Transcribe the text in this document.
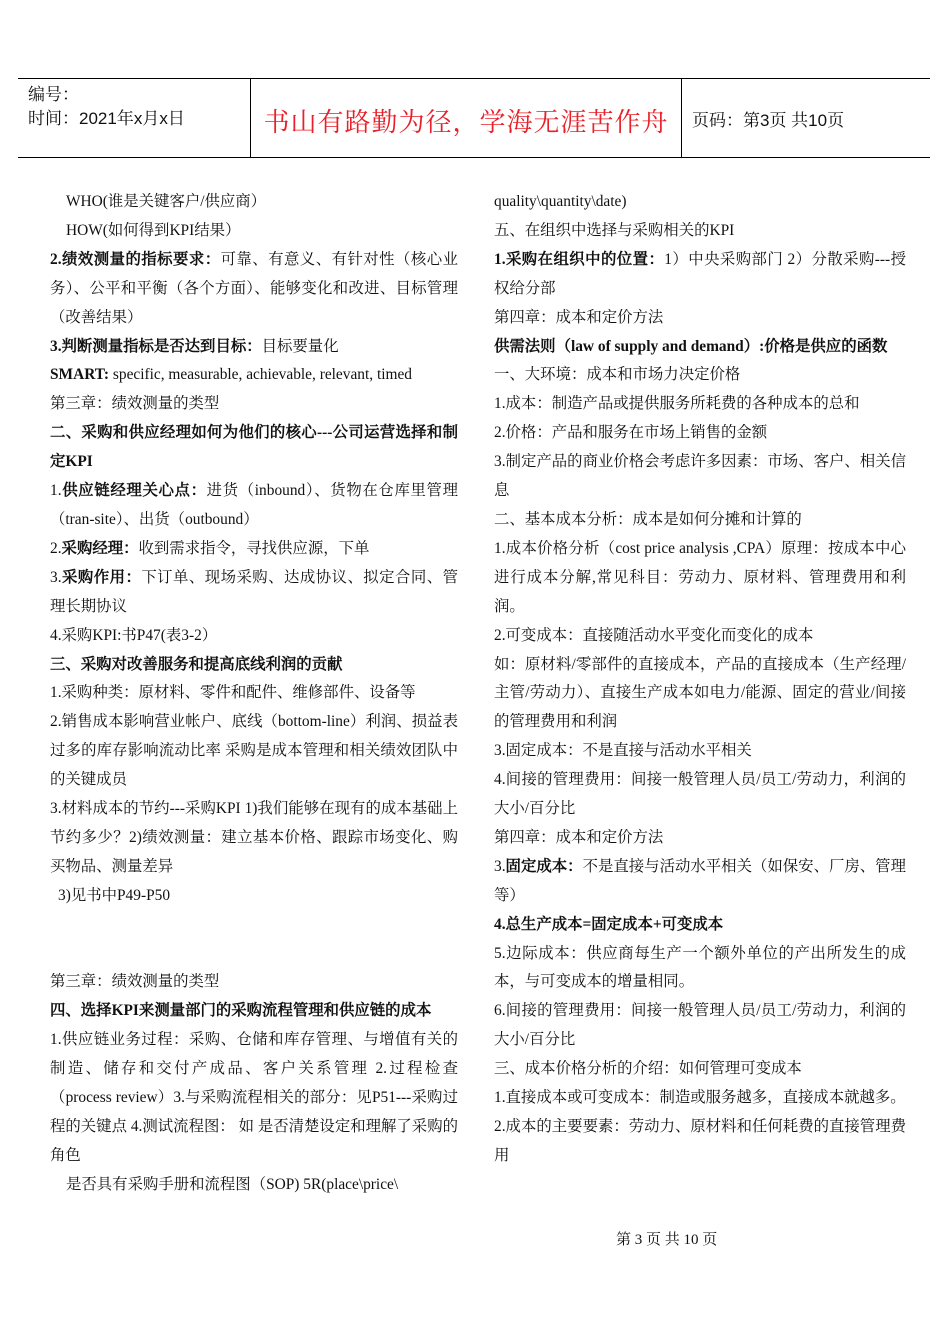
编号：
时间：2021年x月x日	书山有路勤为径，学海无涯苦作舟 页码：第3页 共10页

WHO(谁是关键客户/供应商）

HOW(如何得到KPI结果）

2.绩效测量的指标要求：可靠、有意义、有针对性（核心业务）、公平和平衡（各个方面）、能够变化和改进、目标管理（改善结果）

3.判断测量指标是否达到目标：目标要量化

SMART: specific, measurable, achievable, relevant, timed

第三章：绩效测量的类型

二、采购和供应经理如何为他们的核心---公司运营选择和制定KPI

1.供应链经理关心点：进货（inbound）、货物在仓库里管理（tran-site）、出货（outbound）

2.采购经理：收到需求指令，寻找供应源，下单

3.采购作用：下订单、现场采购、达成协议、拟定合同、管理长期协议

4.采购KPI:书P47(表3-2）

三、采购对改善服务和提高底线利润的贡献

1.采购种类：原材料、零件和配件、维修部件、设备等

2.销售成本影响营业帐户、底线（bottom-line）利润、损益表过多的库存影响流动比率 采购是成本管理和相关绩效团队中的关键成员

3.材料成本的节约---采购KPI 1)我们能够在现有的成本基础上节约多少？2)绩效测量：建立基本价格、跟踪市场变化、购买物品、测量差异

3)见书中P49-P50

第三章：绩效测量的类型

四、选择KPI来测量部门的采购流程管理和供应链的成本

1.供应链业务过程：采购、仓储和库存管理、与增值有关的制造、储存和交付产成品、客户关系管理 2.过程检查（process review）3.与采购流程相关的部分：见P51---采购过程的关键点 4.测试流程图： 如 是否清楚设定和理解了采购的角色

是否具有采购手册和流程图（SOP) 5R(place\price\

quality\quantity\date)

五、在组织中选择与采购相关的KPI

1.采购在组织中的位置：1）中央采购部门 2）分散采购---授权给分部

第四章：成本和定价方法

供需法则（law of supply and demand）:价格是供应的函数

一、大环境：成本和市场力决定价格

1.成本：制造产品或提供服务所耗费的各种成本的总和

2.价格：产品和服务在市场上销售的金额

3.制定产品的商业价格会考虑许多因素：市场、客户、相关信息

二、基本成本分析：成本是如何分摊和计算的

1.成本价格分析（cost price analysis ,CPA）原理：按成本中心进行成本分解,常见科目：劳动力、原材料、管理费用和利润。

2.可变成本：直接随活动水平变化而变化的成本

如：原材料/零部件的直接成本，产品的直接成本（生产经理/主管/劳动力）、直接生产成本如电力/能源、固定的营业/间接的管理费用和利润

3.固定成本：不是直接与活动水平相关

4.间接的管理费用：间接一般管理人员/员工/劳动力，利润的大小/百分比

第四章：成本和定价方法

3.固定成本：不是直接与活动水平相关（如保安、厂房、管理等）

4.总生产成本=固定成本+可变成本

5.边际成本：供应商每生产一个额外单位的产出所发生的成本，与可变成本的增量相同。

6.间接的管理费用：间接一般管理人员/员工/劳动力，利润的大小/百分比

三、成本价格分析的介绍：如何管理可变成本

1.直接成本或可变成本：制造或服务越多，直接成本就越多。

2.成本的主要要素：劳动力、原材料和任何耗费的直接管理费用

第 3 页 共 10 页
